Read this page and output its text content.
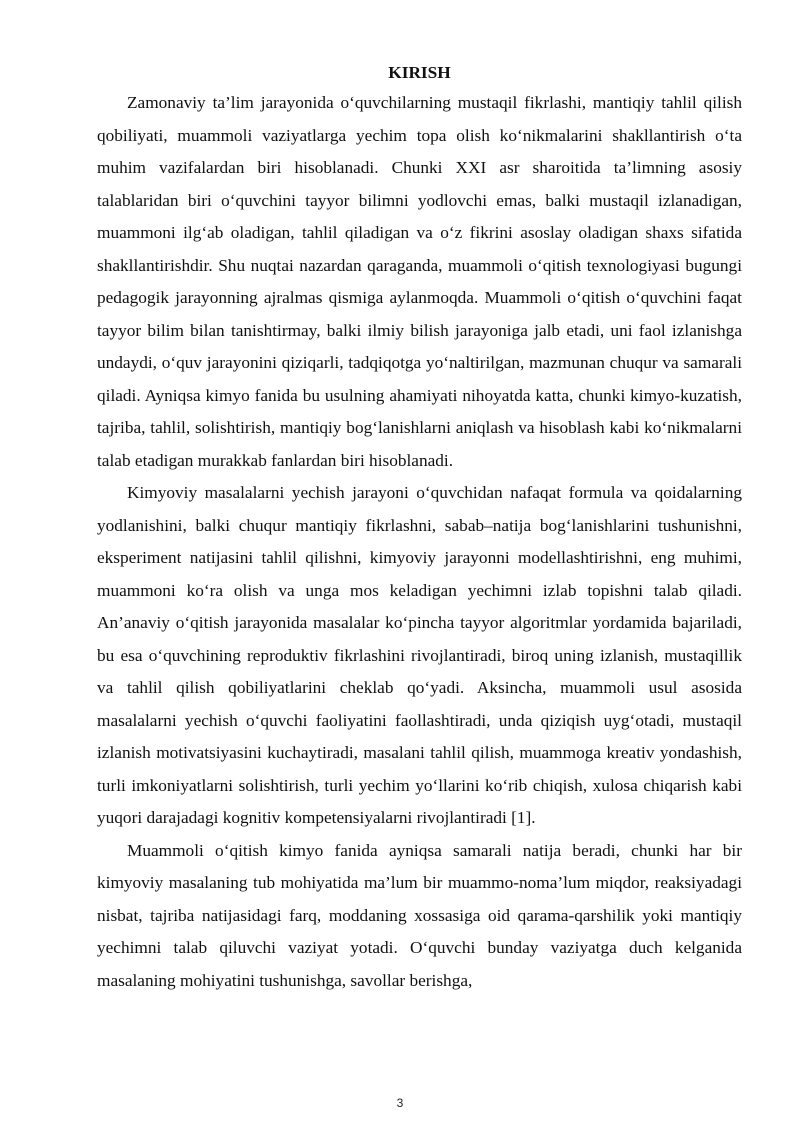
KIRISH

Zamonaviy ta’lim jarayonida o‘quvchilarning mustaqil fikrlashi, mantiqiy tahlil qilish qobiliyati, muammoli vaziyatlarga yechim topa olish ko‘nikmalarini shakllantirish o‘ta muhim vazifalardan biri hisoblanadi. Chunki XXI asr sharoitida ta’limning asosiy talablaridan biri o‘quvchini tayyor bilimni yodlovchi emas, balki mustaqil izlanadigan, muammoni ilg‘ab oladigan, tahlil qiladigan va o‘z fikrini asoslay oladigan shaxs sifatida shakllantirishdir. Shu nuqtai nazardan qaraganda, muammoli o‘qitish texnologiyasi bugungi pedagogik jarayonning ajralmas qismiga aylanmoqda. Muammoli o‘qitish o‘quvchini faqat tayyor bilim bilan tanishtirmay, balki ilmiy bilish jarayoniga jalb etadi, uni faol izlanishga undaydi, o‘quv jarayonini qiziqarli, tadqiqotga yo‘naltirilgan, mazmunan chuqur va samarali qiladi. Ayniqsa kimyo fanida bu usulning ahamiyati nihoyatda katta, chunki kimyo-kuzatish, tajriba, tahlil, solishtirish, mantiqiy bog‘lanishlarni aniqlash va hisoblash kabi ko‘nikmalarni talab etadigan murakkab fanlardan biri hisoblanadi.

Kimyoviy masalalarni yechish jarayoni o‘quvchidan nafaqat formula va qoidalarning yodlanishini, balki chuqur mantiqiy fikrlashni, sabab–natija bog‘lanishlarini tushunishni, eksperiment natijasini tahlil qilishni, kimyoviy jarayonni modellashtirishni, eng muhimi, muammoni ko‘ra olish va unga mos keladigan yechimni izlab topishni talab qiladi. An’anaviy o‘qitish jarayonida masalalar ko‘pincha tayyor algoritmlar yordamida bajariladi, bu esa o‘quvchining reproduktiv fikrlashini rivojlantiradi, biroq uning izlanish, mustaqillik va tahlil qilish qobiliyatlarini cheklab qo‘yadi. Aksincha, muammoli usul asosida masalalarni yechish o‘quvchi faoliyatini faollashtiradi, unda qiziqish uyg‘otadi, mustaqil izlanish motivatsiyasini kuchaytiradi, masalani tahlil qilish, muammoga kreativ yondashish, turli imkoniyatlarni solishtirish, turli yechim yo‘llarini ko‘rib chiqish, xulosa chiqarish kabi yuqori darajadagi kognitiv kompetensiyalarni rivojlantiradi [1].

Muammoli o‘qitish kimyo fanida ayniqsa samarali natija beradi, chunki har bir kimyoviy masalaning tub mohiyatida ma’lum bir muammo-noma’lum miqdor, reaksiyadagi nisbat, tajriba natijasidagi farq, moddaning xossasiga oid qarama-qarshilik yoki mantiqiy yechimni talab qiluvchi vaziyat yotadi. O‘quvchi bunday vaziyatga duch kelganida masalaning mohiyatini tushunishga, savollar berishga,

3
